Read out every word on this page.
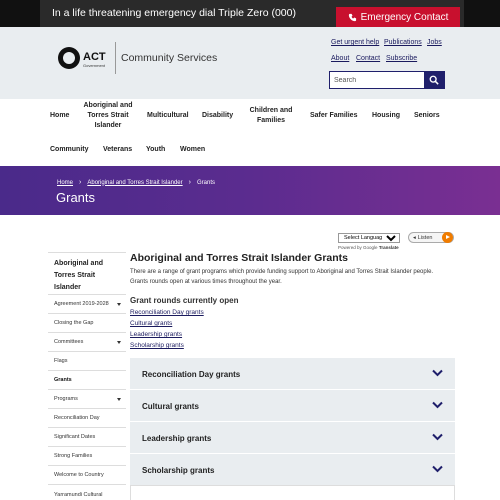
In a life threatening emergency dial Triple Zero (000)	Emergency Contact
ACT
Government
Community Services
Get urgent help Publications Jobs
About Contact Subscribe
Search
Home
Aboriginal and Torres Strait Islander
Multicultural Disability
Children and Families
Safer Families Housing Seniors
Community Veterans Youth Women
Home › Aboriginal and Torres Strait Islander › Grants
Grants
Select Language
Powered by Google Translate
◂ Listen
Aboriginal and Torres Strait Islander
Agreement 2019-2028
Closing the Gap
Committees
Flags
Grants
Programs
Reconciliation Day
Significant Dates
Strong Families
Welcome to Country
Yarramundi Cultural
Aboriginal and Torres Strait Islander Grants

There are a range of grant programs which provide funding support to Aboriginal and Torres Strait Islander people. Grants rounds open at various times throughout the year.

Grant rounds currently open
Reconciliation Day grants
Cultural grants
Leadership grants
Scholarship grants
Reconciliation Day grants
Cultural grants
Leadership grants
Scholarship grants
